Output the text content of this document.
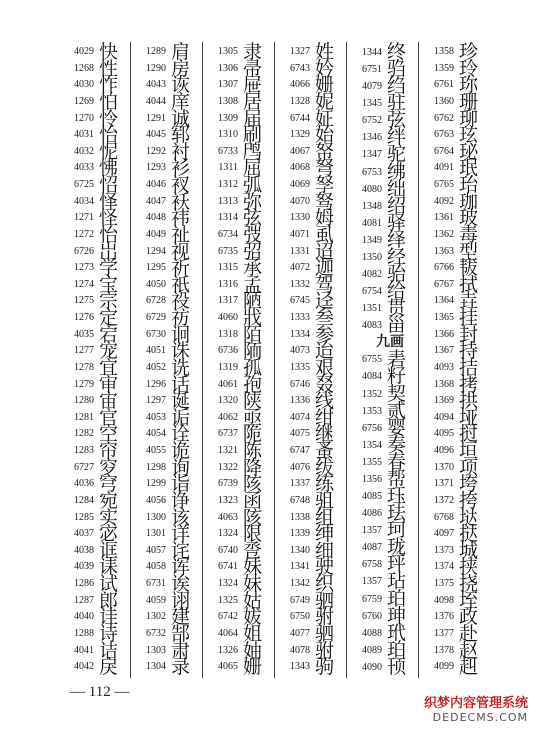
4029 快
1268 性
4030 怍
1269 怕
1270 怜
4031 怡
4032 怩
4033 怫
6725 怊
4034 怿
1271 怪
1272 怡
6726 岀
1273 学
1274 宝
1275 宗
1276 定
4035 宕
1277 宠
1278 宜
1279 审
1280 宙
1281 官
1282 空
1283 帘
6727 穸
4036 穹
1284 宛
1285 实
4037 宓
4038 诓
4039 诔
1286 试
1287 郎
4040 诖
1288 诗
4041 诘
4042 戾
1289 肩
1290 房
4043 诙
4044 庠
1291 诚
4045 郓
1292 衬
1293 衫
4046 衩
4047 袄
4048 祎
4049 祉
1294 视
1295 祈
4050 祇
6728 祋
6729 祊
6730 诇
4051 诛
4052 诜
1296 话
1297 诞
4053 诟
4054 诠
4055 诡
1298 询
1299 诣
4056 诤
1300 该
1301 详
4057 诧
4058 诨
6731 诶
4059 诩
1302 建
6732 郜
1303 肃
1304 录
1305 隶
1306 帚
1307 屉
1308 居
1309 届
1310 刷
6733 鸤
1311 屈
1312 弧
1313 弥
1314 弦
6734 弢
6735 弨
1315 承
1316 孟
1317 陋
4060 戕
1318 陌
6736 陑
1319 孤
4061 孢
1320 陕
4062 亟
6737 陒
1321 陈
1322 降
6739 陔
1323 函
4063 陔
1324 限
6740 卺
6741 妹
1324 妹
1325 姑
6742 妭
4064 姐
1326 妯
4065 姗
1327 姓
6743 妗
4066 姗
1328 妮
6744 姃
1329 始
4067 帑
4068 弩
4069 孥
4070 驽
1330 姆
4071 虱
1331 迢
4072 迦
1332 驾
6745 迳
1333 叁
1334 参
4073 迨
1335 艰
6746 叕
1336 线
4074 绀
4075 继
6747 蚤
4076 绂
1337 练
6748 驵
1338 组
1339 绅
1340 细
1341 驶
1342 织
6749 驷
6750 驸
4077 驷
4078 驸
1343 驹
1344 终
6751 驺
4079 绉
1345 驻
6752 弦
1346 绊
1347 驼
6753 绋
4080 绌
1348 绍
4081 驿
1349 绎
1350 经
4082 骀
6754 给
1351 贯
4083 甾
九画
6755 砉
4084 籽
1352 契
1353 贰
6756 婴
1354 奏
1355 春
1356 帮
4085 珏
4086 珐
1357 珂
4087 珑
6758 玶
1357 玷
6759 珀
6760 珅
4088 玳
4089 珀
4090 顸
1358 珍
1359 玲
6761 珎
1360 珊
6762 珋
6763 玹
6764 珌
4091 珉
6765 珆
4092 珈
1361 玻
1362 毒
1363 型
6766 韨
6767 拭
1364 垚
1365 挂
1366 封
1367 持
4093 拮
1368 拷
1369 拱
4094 垭
4095 挝
4096 垣
1370 项
1371 垮
1372 挎
6768 垯
4097 挞
1373 城
1374 挟
1375 挠
4098 垤
1376 政
1377 赴
1378 赵
4099 赳
— 112 —
织梦内容管理系统
DEDECMS.COM
